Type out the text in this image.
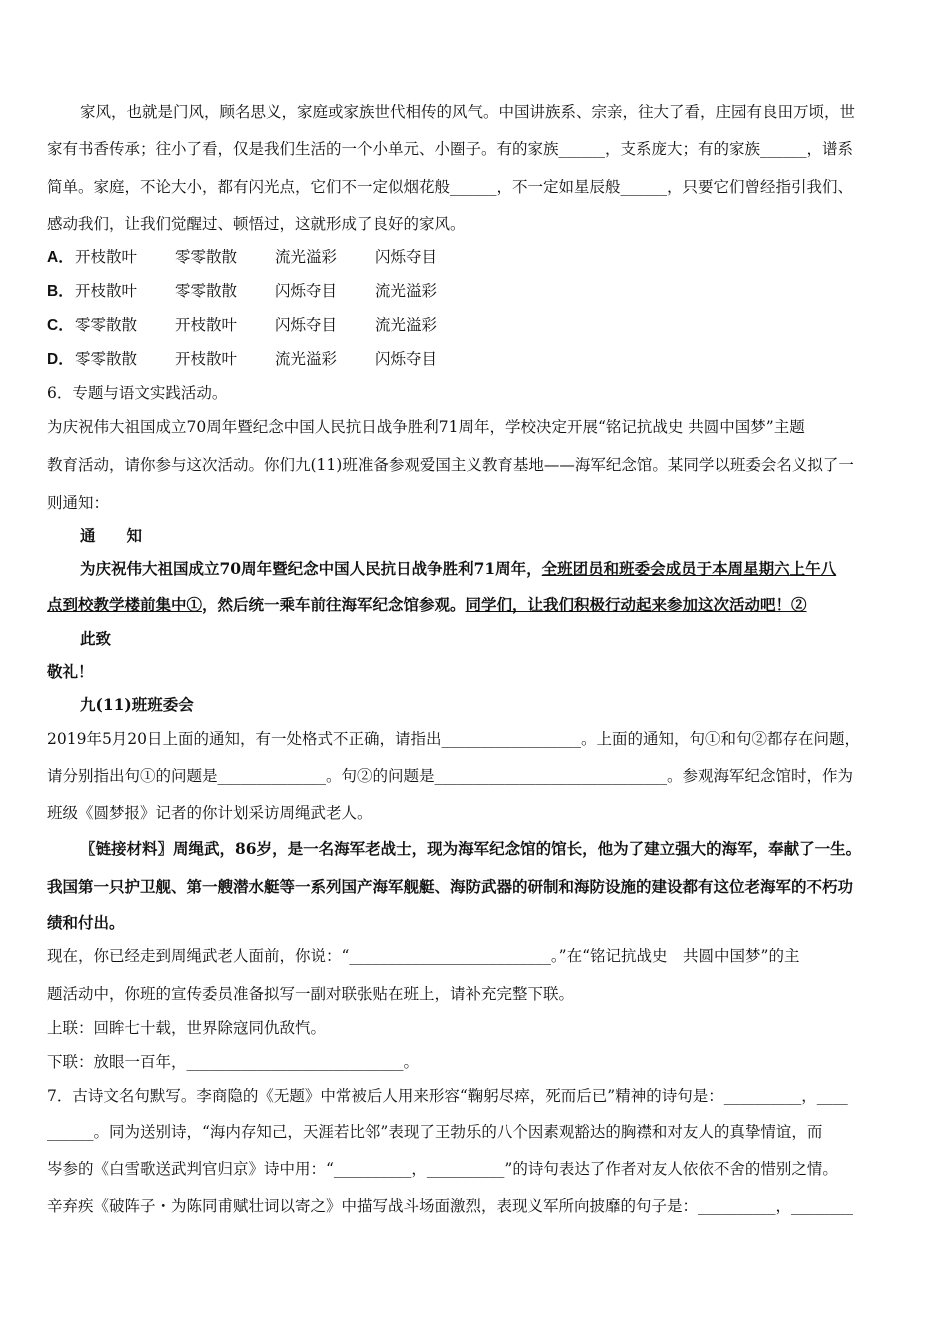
家风，也就是门风，顾名思义，家庭或家族世代相传的风气。中国讲族系、宗亲，往大了看，庄园有良田万顷，世
家有书香传承；往小了看，仅是我们生活的一个小单元、小圈子。有的家族______，支系庞大；有的家族______，谱系
简单。家庭，不论大小，都有闪光点，它们不一定似烟花般______，不一定如星辰般______，只要它们曾经指引我们、
感动我们，让我们觉醒过、顿悟过，这就形成了良好的家风。
A．开枝散叶 零零散散 流光溢彩 闪烁夺目
B．开枝散叶 零零散散 闪烁夺目 流光溢彩
C．零零散散 开枝散叶 闪烁夺目 流光溢彩
D．零零散散 开枝散叶 流光溢彩 闪烁夺目
6．专题与语文实践活动。
为庆祝伟大祖国成立70周年暨纪念中国人民抗日战争胜利71周年，学校决定开展“铭记抗战史 共圆中国梦”主题
教育活动，请你参与这次活动。你们九(11)班准备参观爱国主义教育基地——海军纪念馆。某同学以班委会名义拟了一
则通知：
通　　知
为庆祝伟大祖国成立70周年暨纪念中国人民抗日战争胜利71周年，全班团员和班委会成员于本周星期六上午八
点到校教学楼前集中①，然后统一乘车前往海军纪念馆参观。同学们，让我们积极行动起来参加这次活动吧！②
此致
敬礼！
九(11)班班委会
2019年5月20日上面的通知，有一处格式不正确，请指出__________________。上面的通知，句①和句②都存在问题，
请分别指出句①的问题是______________。句②的问题是______________________________。参观海军纪念馆时，作为
班级《圆梦报》记者的你计划采访周绳武老人。
〖链接材料〗周绳武，86岁，是一名海军老战士，现为海军纪念馆的馆长，他为了建立强大的海军，奉献了一生。
我国第一只护卫舰、第一艘潜水艇等一系列国产海军舰艇、海防武器的研制和海防设施的建设都有这位老海军的不朽功
绩和付出。
现在，你已经走到周绳武老人面前，你说：“__________________________。”在“铭记抗战史　共圆中国梦”的主
题活动中，你班的宣传委员准备拟写一副对联张贴在班上，请补充完整下联。
上联：回眸七十载，世界除寇同仇敌忾。
下联：放眼一百年，____________________________。
7．古诗文名句默写。李商隐的《无题》中常被后人用来形容“鞠躬尽瘁，死而后已”精神的诗句是：__________，____
______。同为送别诗，“海内存知己，天涯若比邻”表现了王勃乐的八个因素观豁达的胸襟和对友人的真挚情谊，而
岑参的《白雪歌送武判官归京》诗中用：“__________，__________”的诗句表达了作者对友人依依不舍的惜别之情。
辛弃疾《破阵子・为陈同甫赋壮词以寄之》中描写战斗场面激烈，表现义军所向披靡的句子是：__________，________
